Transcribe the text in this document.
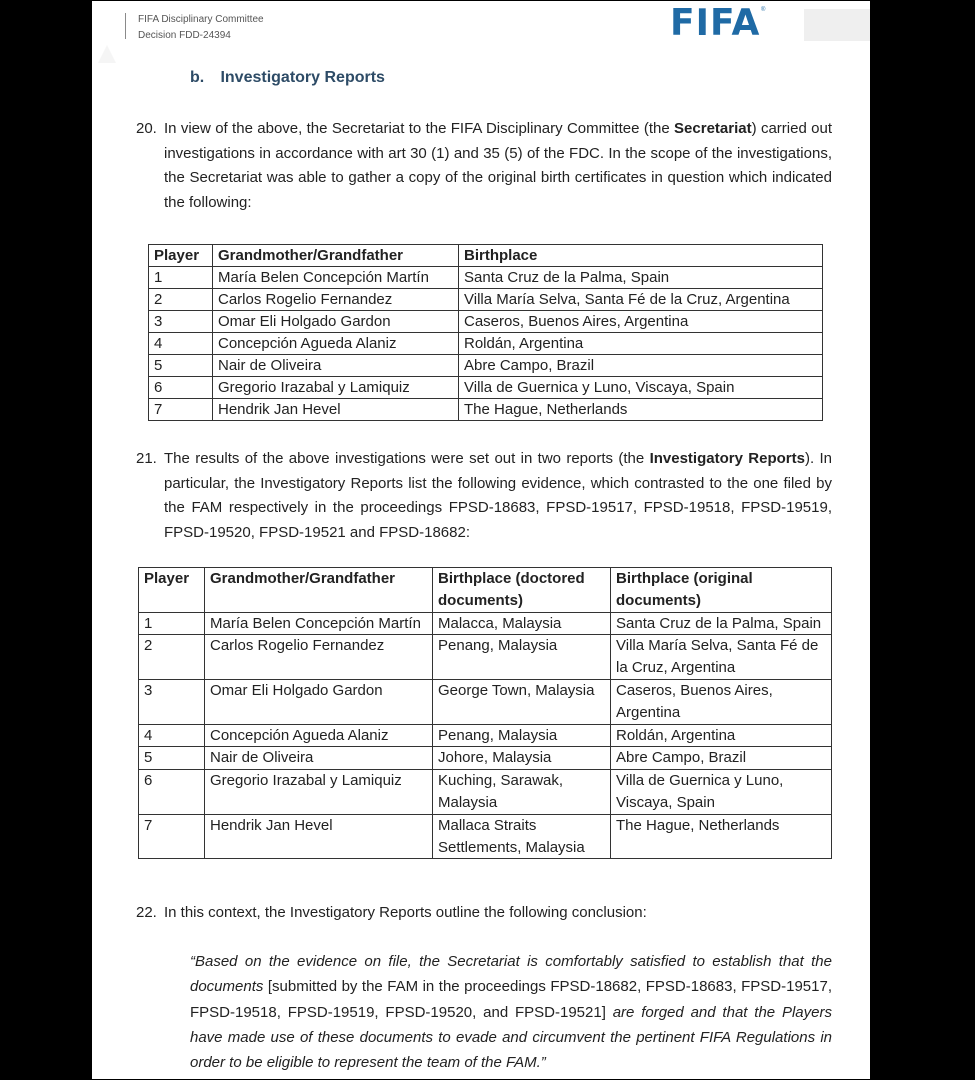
FIFA Disciplinary Committee
Decision FDD-24394	FIFA ®
b. Investigatory Reports
20. In view of the above, the Secretariat to the FIFA Disciplinary Committee (the Secretariat) carried out investigations in accordance with art 30 (1) and 35 (5) of the FDC. In the scope of the investigations, the Secretariat was able to gather a copy of the original birth certificates in question which indicated the following:
Player	Grandmother/Grandfather	Birthplace
1	María Belen Concepción Martín	Santa Cruz de la Palma, Spain
2	Carlos Rogelio Fernandez	Villa María Selva, Santa Fé de la Cruz, Argentina
3	Omar Eli Holgado Gardon	Caseros, Buenos Aires, Argentina
4	Concepción Agueda Alaniz	Roldán, Argentina
5	Nair de Oliveira	Abre Campo, Brazil
6	Gregorio Irazabal y Lamiquiz	Villa de Guernica y Luno, Viscaya, Spain
7	Hendrik Jan Hevel	The Hague, Netherlands
21. The results of the above investigations were set out in two reports (the Investigatory Reports). In particular, the Investigatory Reports list the following evidence, which contrasted to the one filed by the FAM respectively in the proceedings FPSD-18683, FPSD-19517, FPSD-19518, FPSD-19519, FPSD-19520, FPSD-19521 and FPSD-18682:
Player	Grandmother/Grandfather	Birthplace (doctored documents)	Birthplace (original documents)
1	María Belen Concepción Martín	Malacca, Malaysia	Santa Cruz de la Palma, Spain
2	Carlos Rogelio Fernandez	Penang, Malaysia	Villa María Selva, Santa Fé de la Cruz, Argentina
3	Omar Eli Holgado Gardon	George Town, Malaysia	Caseros, Buenos Aires, Argentina
4	Concepción Agueda Alaniz	Penang, Malaysia	Roldán, Argentina
5	Nair de Oliveira	Johore, Malaysia	Abre Campo, Brazil
6	Gregorio Irazabal y Lamiquiz	Kuching, Sarawak, Malaysia	Villa de Guernica y Luno, Viscaya, Spain
7	Hendrik Jan Hevel	Mallaca Straits Settlements, Malaysia	The Hague, Netherlands
22. In this context, the Investigatory Reports outline the following conclusion:
“Based on the evidence on file, the Secretariat is comfortably satisfied to establish that the documents [submitted by the FAM in the proceedings FPSD-18682, FPSD-18683, FPSD-19517, FPSD-19518, FPSD-19519, FPSD-19520, and FPSD-19521] are forged and that the Players have made use of these documents to evade and circumvent the pertinent FIFA Regulations in order to be eligible to represent the team of the FAM.”
